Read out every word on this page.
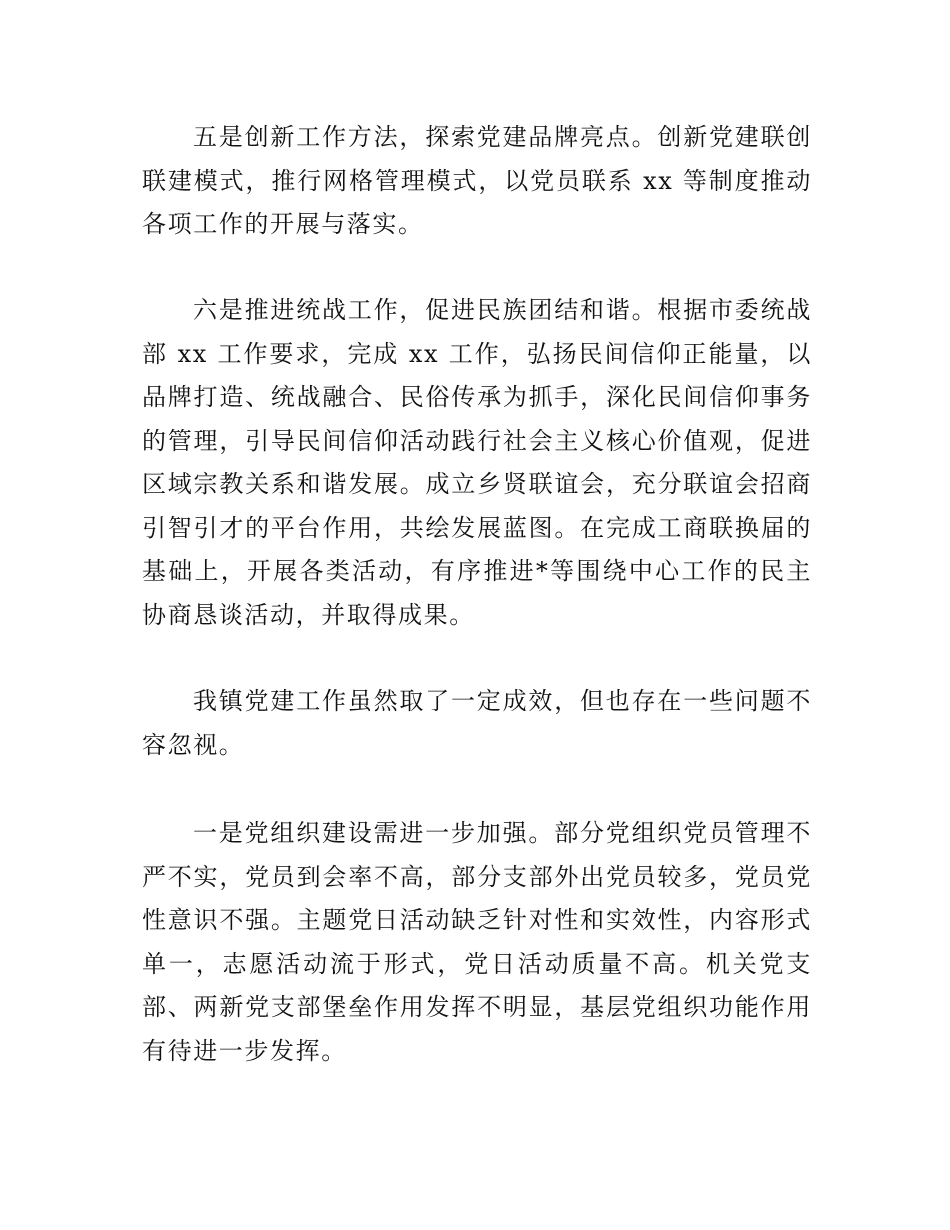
五是创新工作方法，探索党建品牌亮点。创新党建联创联建模式，推行网格管理模式，以党员联系 xx 等制度推动各项工作的开展与落实。

六是推进统战工作，促进民族团结和谐。根据市委统战部 xx 工作要求，完成 xx 工作，弘扬民间信仰正能量，以品牌打造、统战融合、民俗传承为抓手，深化民间信仰事务的管理，引导民间信仰活动践行社会主义核心价值观，促进区域宗教关系和谐发展。成立乡贤联谊会，充分联谊会招商引智引才的平台作用，共绘发展蓝图。在完成工商联换届的基础上，开展各类活动，有序推进*等围绕中心工作的民主协商恳谈活动，并取得成果。

我镇党建工作虽然取了一定成效，但也存在一些问题不容忽视。

一是党组织建设需进一步加强。部分党组织党员管理不严不实，党员到会率不高，部分支部外出党员较多，党员党性意识不强。主题党日活动缺乏针对性和实效性，内容形式单一，志愿活动流于形式，党日活动质量不高。机关党支部、两新党支部堡垒作用发挥不明显，基层党组织功能作用有待进一步发挥。
